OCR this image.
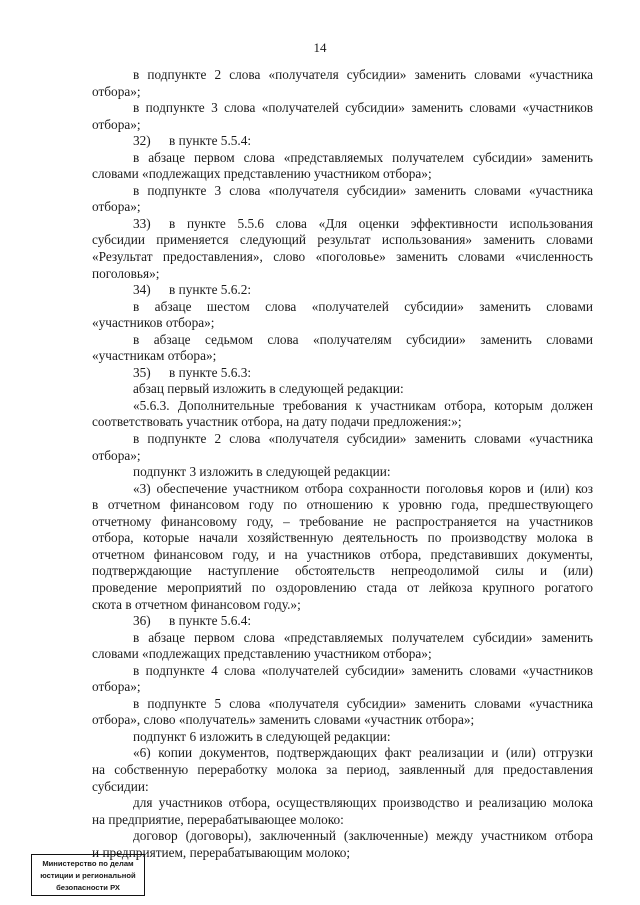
14
в подпункте 2 слова «получателя субсидии» заменить словами «участника
отбора»;
в подпункте 3 слова «получателей субсидии» заменить словами «участников
отбора»;
32) в пункте 5.5.4:
в абзаце первом слова «представляемых получателем субсидии» заменить
словами «подлежащих представлению участником отбора»;
в подпункте 3 слова «получателя субсидии» заменить словами «участника
отбора»;
33) в пункте 5.5.6 слова «Для оценки эффективности использования
субсидии применяется следующий результат использования» заменить словами
«Результат предоставления», слово «поголовье» заменить словами «численность
поголовья»;
34) в пункте 5.6.2:
в абзаце шестом слова «получателей субсидии» заменить словами
«участников отбора»;
в абзаце седьмом слова «получателям субсидии» заменить словами
«участникам отбора»;
35) в пункте 5.6.3:
абзац первый изложить в следующей редакции:
«5.6.3. Дополнительные требования к участникам отбора, которым должен
соответствовать участник отбора, на дату подачи предложения:»;
в подпункте 2 слова «получателя субсидии» заменить словами «участника
отбора»;
подпункт 3 изложить в следующей редакции:
«3) обеспечение участником отбора сохранности поголовья коров и (или) коз
в отчетном финансовом году по отношению к уровню года, предшествующего
отчетному финансовому году, – требование не распространяется на участников
отбора, которые начали хозяйственную деятельность по производству молока в
отчетном финансовом году, и на участников отбора, представивших документы,
подтверждающие наступление обстоятельств непреодолимой силы и (или)
проведение мероприятий по оздоровлению стада от лейкоза крупного рогатого
скота в отчетном финансовом году.»;
36) в пункте 5.6.4:
в абзаце первом слова «представляемых получателем субсидии» заменить
словами «подлежащих представлению участником отбора»;
в подпункте 4 слова «получателей субсидии» заменить словами «участников
отбора»;
в подпункте 5 слова «получателя субсидии» заменить словами «участника
отбора», слово «получатель» заменить словами «участник отбора»;
подпункт 6 изложить в следующей редакции:
«6) копии документов, подтверждающих факт реализации и (или) отгрузки
на собственную переработку молока за период, заявленный для предоставления
субсидии:
для участников отбора, осуществляющих производство и реализацию молока
на предприятие, перерабатывающее молоко:
договор (договоры), заключенный (заключенные) между участником отбора
и предприятием, перерабатывающим молоко;
Министерство по делам
юстиции и региональной
безопасности РХ
